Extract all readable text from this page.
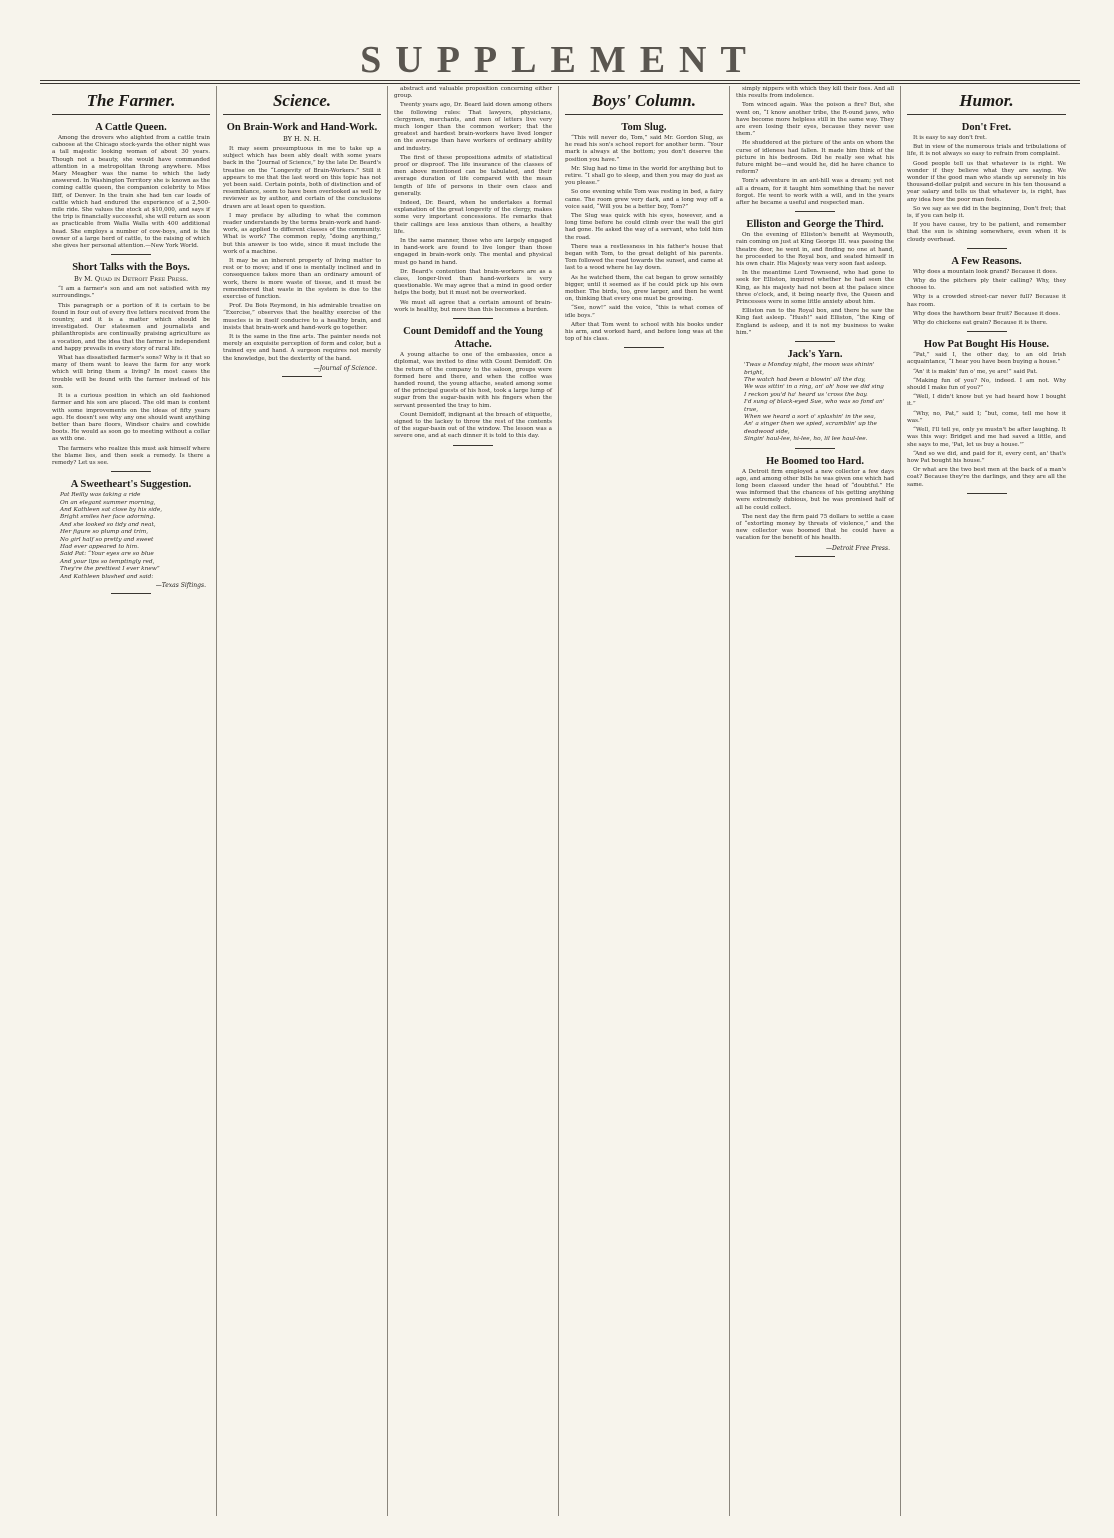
SUPPLEMENT
The Farmer.
A Cattle Queen.

Among the drovers who alighted from a cattle train caboose at the Chicago stock-yards the other night was a tall majestic looking woman of about 30 years. Though not a beauty, she would have commanded attention in a metropolitan throng anywhere. Miss Mary Meagher was the name to which the lady answered. In Washington Territory she is known as the coming cattle queen, the companion celebrity to Miss Iliff, of Denver. In the train she had ten car loads of cattle which had endured the experience of a 2,500-mile ride. She values the stock at $10,000, and says if the trip is financially successful, she will return as soon as practicable from Walla Walla with 400 additional head. She employs a number of cow-boys, and is the owner of a large herd of cattle, to the raising of which she gives her personal attention.—New York World.

Short Talks with the Boys.
By M. Quad in Detroit Free Press.

“I am a farmer's son and am not satisfied with my surroundings.”

This paragraph or a portion of it is certain to be found in four out of every five letters received from the country, and it is a matter which should be investigated. Our statesmen and journalists and philanthropists are continually praising agriculture as a vocation, and the idea that the farmer is independent and happy prevails in every story of rural life.

What has dissatisfied farmer's sons? Why is it that so many of them want to leave the farm for any work which will bring them a living? In most cases the trouble will be found with the farmer instead of his son.

It is a curious position in which an old fashioned farmer and his son are placed. The old man is content with some improvements on the ideas of fifty years ago. He doesn't see why any one should want anything better than bare floors, Windsor chairs and cowhide boots. He would as soon go to meeting without a collar as with one.

The farmers who realize this must ask himself where the blame lies, and then seek a remedy. Is there a remedy? Let us see.

A Sweetheart's Suggestion.

Pat Reilly was taking a ride

On an elegant summer morning,

And Kathleen sat close by his side,

Bright smiles her face adorning.

And she looked so tidy and neat,

Her figure so plump and trim,

No girl half so pretty and sweet

Had ever appeared to him.

Said Pat: “Your eyes are so blue

And your lips so temptingly red,

They're the prettiest I ever knew”

And Kathleen blushed and said:

—Texas Siftings.
Science.
On Brain-Work and Hand-Work.
BY H. N. H.

It may seem presumptuous in me to take up a subject which has been ably dealt with some years back in the “Journal of Science,” by the late Dr. Beard's treatise on the “Longevity of Brain-Workers.” Still it appears to me that the last word on this topic has not yet been said. Certain points, both of distinction and of resemblance, seem to have been overlooked as well by reviewer as by author, and certain of the conclusions drawn are at least open to question.

I may preface by alluding to what the common reader understands by the terms brain-work and hand-work, as applied to different classes of the community. What is work? The common reply, “doing anything,” but this answer is too wide, since it must include the work of a machine.

It may be an inherent property of living matter to rest or to move; and if one is mentally inclined and in consequence takes more than an ordinary amount of work, there is more waste of tissue, and it must be remembered that waste in the system is due to the exercise of function.

Prof. Du Bois Reymond, in his admirable treatise on “Exercise,” observes that the healthy exercise of the muscles is in itself conducive to a healthy brain, and insists that brain-work and hand-work go together.

It is the same in the fine arts. The painter needs not merely an exquisite perception of form and color, but a trained eye and hand. A surgeon requires not merely the knowledge, but the dexterity of the hand.

—Journal of Science.

abstract and valuable proposition concerning either group.

Twenty years ago, Dr. Beard laid down among others the following rules: That lawyers, physicians, clergymen, merchants, and men of letters live very much longer than the common worker; that the greatest and hardest brain-workers have lived longer on the average than have workers of ordinary ability and industry.

The first of these propositions admits of statistical proof or disproof. The life insurance of the classes of men above mentioned can be tabulated, and their average duration of life compared with the mean length of life of persons in their own class and generally.

Indeed, Dr. Beard, when he undertakes a formal explanation of the great longevity of the clergy, makes some very important concessions. He remarks that their callings are less anxious than others, a healthy life.

In the same manner, those who are largely engaged in hand-work are found to live longer than those engaged in brain-work only. The mental and physical must go hand in hand.

Dr. Beard's contention that brain-workers are as a class, longer-lived than hand-workers is very questionable. We may agree that a mind in good order helps the body, but it must not be overworked.

We must all agree that a certain amount of brain-work is healthy, but more than this becomes a burden.

Count Demidoff and the Young Attache.

A young attache to one of the embassies, once a diplomat, was invited to dine with Count Demidoff. On the return of the company to the saloon, groups were formed here and there, and when the coffee was handed round, the young attache, seated among some of the principal guests of his host, took a large lump of sugar from the sugar-basin with his fingers when the servant presented the tray to him.

Count Demidoff, indignant at the breach of etiquette, signed to the lackey to throw the rest of the contents of the sugar-basin out of the window. The lesson was a severe one, and at each dinner it is told to this day.

Boys' Column.
Tom Slug.

“This will never do, Tom,” said Mr. Gordon Slug, as he read his son's school report for another term. “Your mark is always at the bottom; you don't deserve the position you have.”

Mr. Slug had no time in the world for anything but to retire. “I shall go to sleep, and then you may do just as you please.”

So one evening while Tom was resting in bed, a fairy came. The room grew very dark, and a long way off a voice said, “Will you be a better boy, Tom?”

The Slug was quick with his eyes, however, and a long time before he could climb over the wall the girl had gone. He asked the way of a servant, who told him the road.

There was a restlessness in his father's house that began with Tom, to the great delight of his parents. Tom followed the road towards the sunset, and came at last to a wood where he lay down.

As he watched them, the cat began to grow sensibly bigger, until it seemed as if he could pick up his own mother. The birds, too, grew larger, and then he went on, thinking that every one must be growing.

“See, now!” said the voice, “this is what comes of idle boys.”

After that Tom went to school with his books under his arm, and worked hard, and before long was at the top of his class.

simply nippers with which they kill their foes. And all this results from indolence.

Tom winced again. Was the poison a fire? But, she went on, “I know another tribe, the R-ound jaws, who have become more helpless still in the same way. They are even losing their eyes, because they never use them.”

He shuddered at the picture of the ants on whom the curse of idleness had fallen. It made him think of the picture in his bedroom. Did he really see what his future might be—and would he, did he have chance to reform?

Tom's adventure in an ant-hill was a dream; yet not all a dream, for it taught him something that he never forgot. He went to work with a will, and in the years after he became a useful and respected man.

Elliston and George the Third.

On the evening of Elliston's benefit at Weymouth, rain coming on just at King George III. was passing the theatre door, he went in, and finding no one at hand, he proceeded to the Royal box, and seated himself in his own chair. His Majesty was very soon fast asleep.

In the meantime Lord Townsend, who had gone to seek for Elliston, inquired whether he had seen the King, as his majesty had not been at the palace since three o'clock, and, it being nearly five, the Queen and Princesses were in some little anxiety about him.

Elliston ran to the Royal box, and there he saw the King fast asleep. “Hush!” said Elliston, “the King of England is asleep, and it is not my business to wake him.”

Jack's Yarn.

'Twas a Monday night, the moon was shinin' bright,

The watch had been a blowin' all the day,

We was sittin' in a ring, an' ah' how we did sing

I reckon you'd ha' heard us 'cross the bay.

I'd sung of black-eyed Sue, who was so fond an' true,

When we heard a sort o' splashin' in the sea,

An' a singer then we spied, scramblin' up the deadwood side,

Singin' haul-lee, hi-lee, ho, lil lee haul-lee.

He Boomed too Hard.

A Detroit firm employed a new collector a few days ago, and among other bills he was given one which had long been classed under the head of “doubtful.” He was informed that the chances of his getting anything were extremely dubious, but he was promised half of all he could collect.

The next day the firm paid 75 dollars to settle a case of “extorting money by threats of violence,” and the new collector was boomed that he could have a vacation for the benefit of his health.

—Detroit Free Press.
Humor.
Don't Fret.

It is easy to say don't fret.

But in view of the numerous trials and tribulations of life, it is not always so easy to refrain from complaint.

Good people tell us that whatever is is right. We wonder if they believe what they are saying. We wonder if the good man who stands up serenely in his thousand-dollar pulpit and secure in his ten thousand a year salary and tells us that whatever is, is right, has any idea how the poor man feels.

So we say as we did in the beginning, Don't fret; that is, if you can help it.

If you have cause, try to be patient, and remember that the sun is shining somewhere, even when it is cloudy overhead.

A Few Reasons.

Why does a mountain look grand? Because it does.

Why do the pitchers ply their calling? Why, they choose to.

Why is a crowded street-car never full? Because it has room.

Why does the hawthorn bear fruit? Because it does.

Why do chickens eat grain? Because it is there.

How Pat Bought His House.

“Pat,” said I, the other day, to an old Irish acquaintance, “I hear you have been buying a house.”

“An' it is makin' fun o' me, ye are!” said Pat.

“Making fun of you? No, indeed. I am not. Why should I make fun of you?”

“Well, I didn't know but ye had heard how I bought it.”

“Why, no, Pat,” said I; “but, come, tell me how it was.”

“Well, I'll tell ye, only ye mustn't be after laughing. It was this way: Bridget and me had saved a little, and she says to me, 'Pat, let us buy a house.'”

“And so we did, and paid for it, every cent, an' that's how Pat bought his house.”

Or what are the two best men at the back of a man's coat? Because they're the darlings, and they are all the same.
